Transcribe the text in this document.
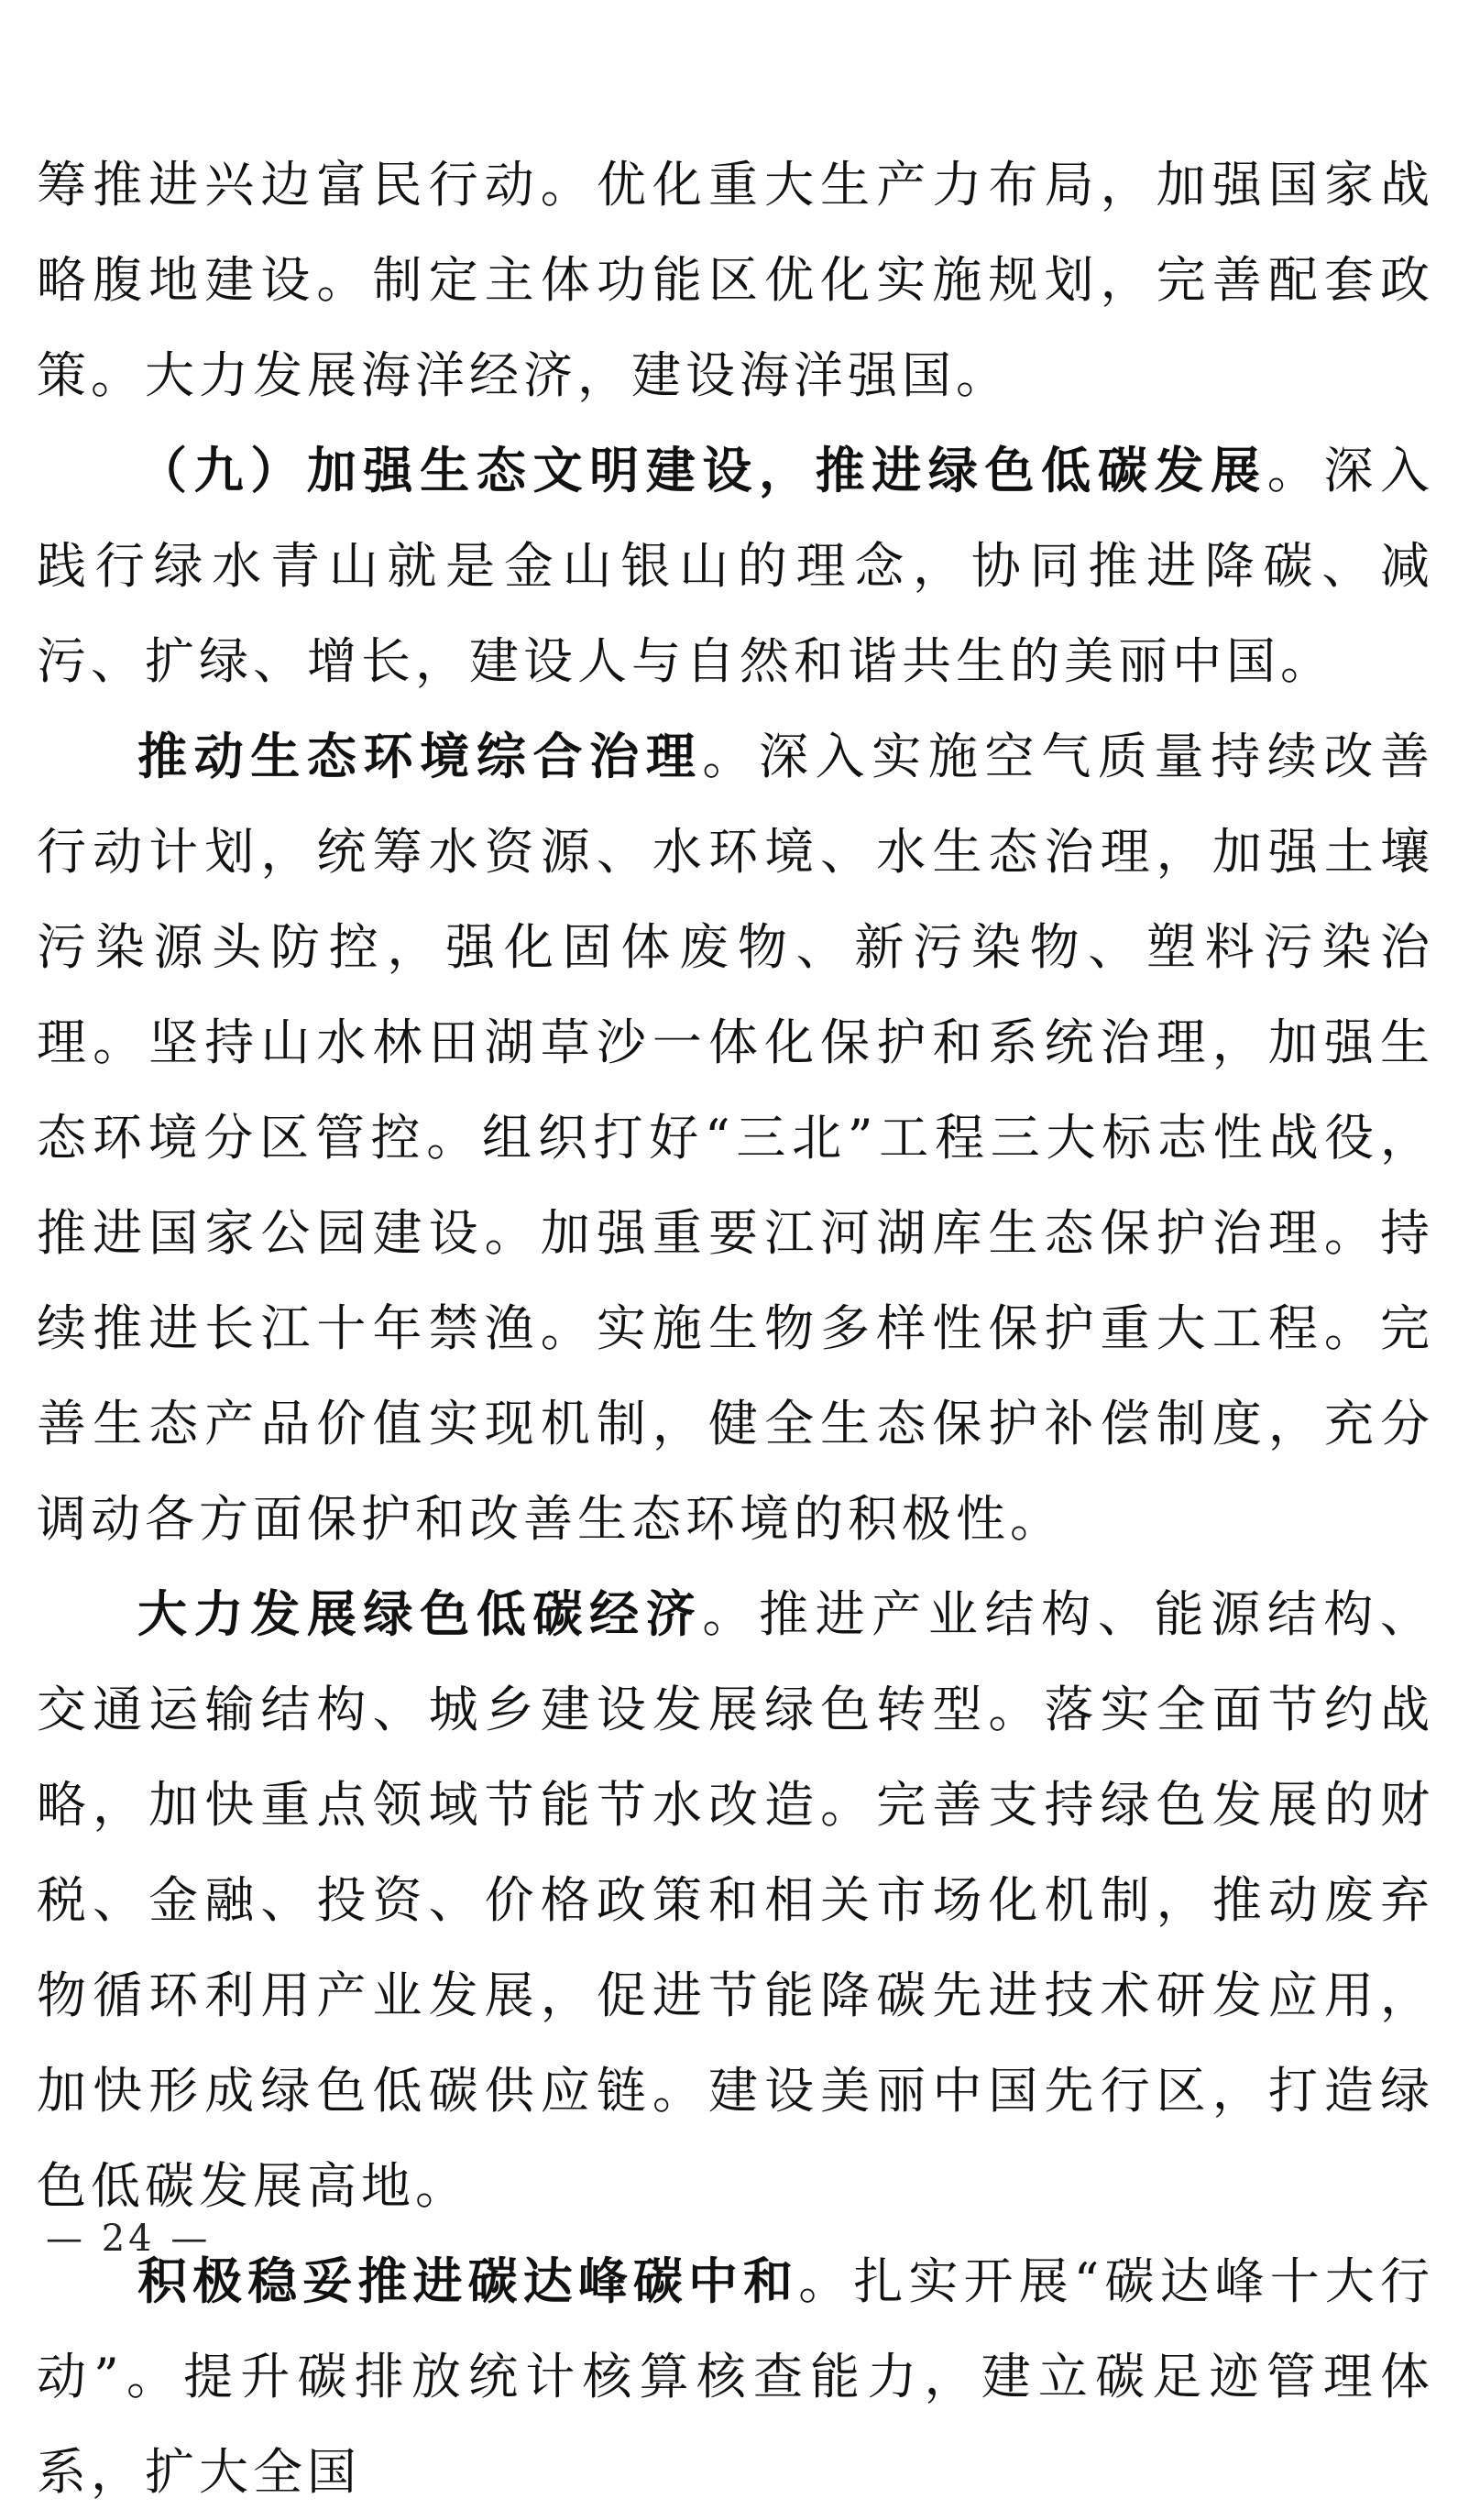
筹推进兴边富民行动。优化重大生产力布局，加强国家战略腹地建设。制定主体功能区优化实施规划，完善配套政策。大力发展海洋经济，建设海洋强国。

（九）加强生态文明建设，推进绿色低碳发展。深入践行绿水青山就是金山银山的理念，协同推进降碳、减污、扩绿、增长，建设人与自然和谐共生的美丽中国。

推动生态环境综合治理。深入实施空气质量持续改善行动计划，统筹水资源、水环境、水生态治理，加强土壤污染源头防控，强化固体废物、新污染物、塑料污染治理。坚持山水林田湖草沙一体化保护和系统治理，加强生态环境分区管控。组织打好“三北”工程三大标志性战役，推进国家公园建设。加强重要江河湖库生态保护治理。持续推进长江十年禁渔。实施生物多样性保护重大工程。完善生态产品价值实现机制，健全生态保护补偿制度，充分调动各方面保护和改善生态环境的积极性。

大力发展绿色低碳经济。推进产业结构、能源结构、交通运输结构、城乡建设发展绿色转型。落实全面节约战略，加快重点领域节能节水改造。完善支持绿色发展的财税、金融、投资、价格政策和相关市场化机制，推动废弃物循环利用产业发展，促进节能降碳先进技术研发应用，加快形成绿色低碳供应链。建设美丽中国先行区，打造绿色低碳发展高地。

积极稳妥推进碳达峰碳中和。扎实开展“碳达峰十大行动”。提升碳排放统计核算核查能力，建立碳足迹管理体系，扩大全国

— 24 —
